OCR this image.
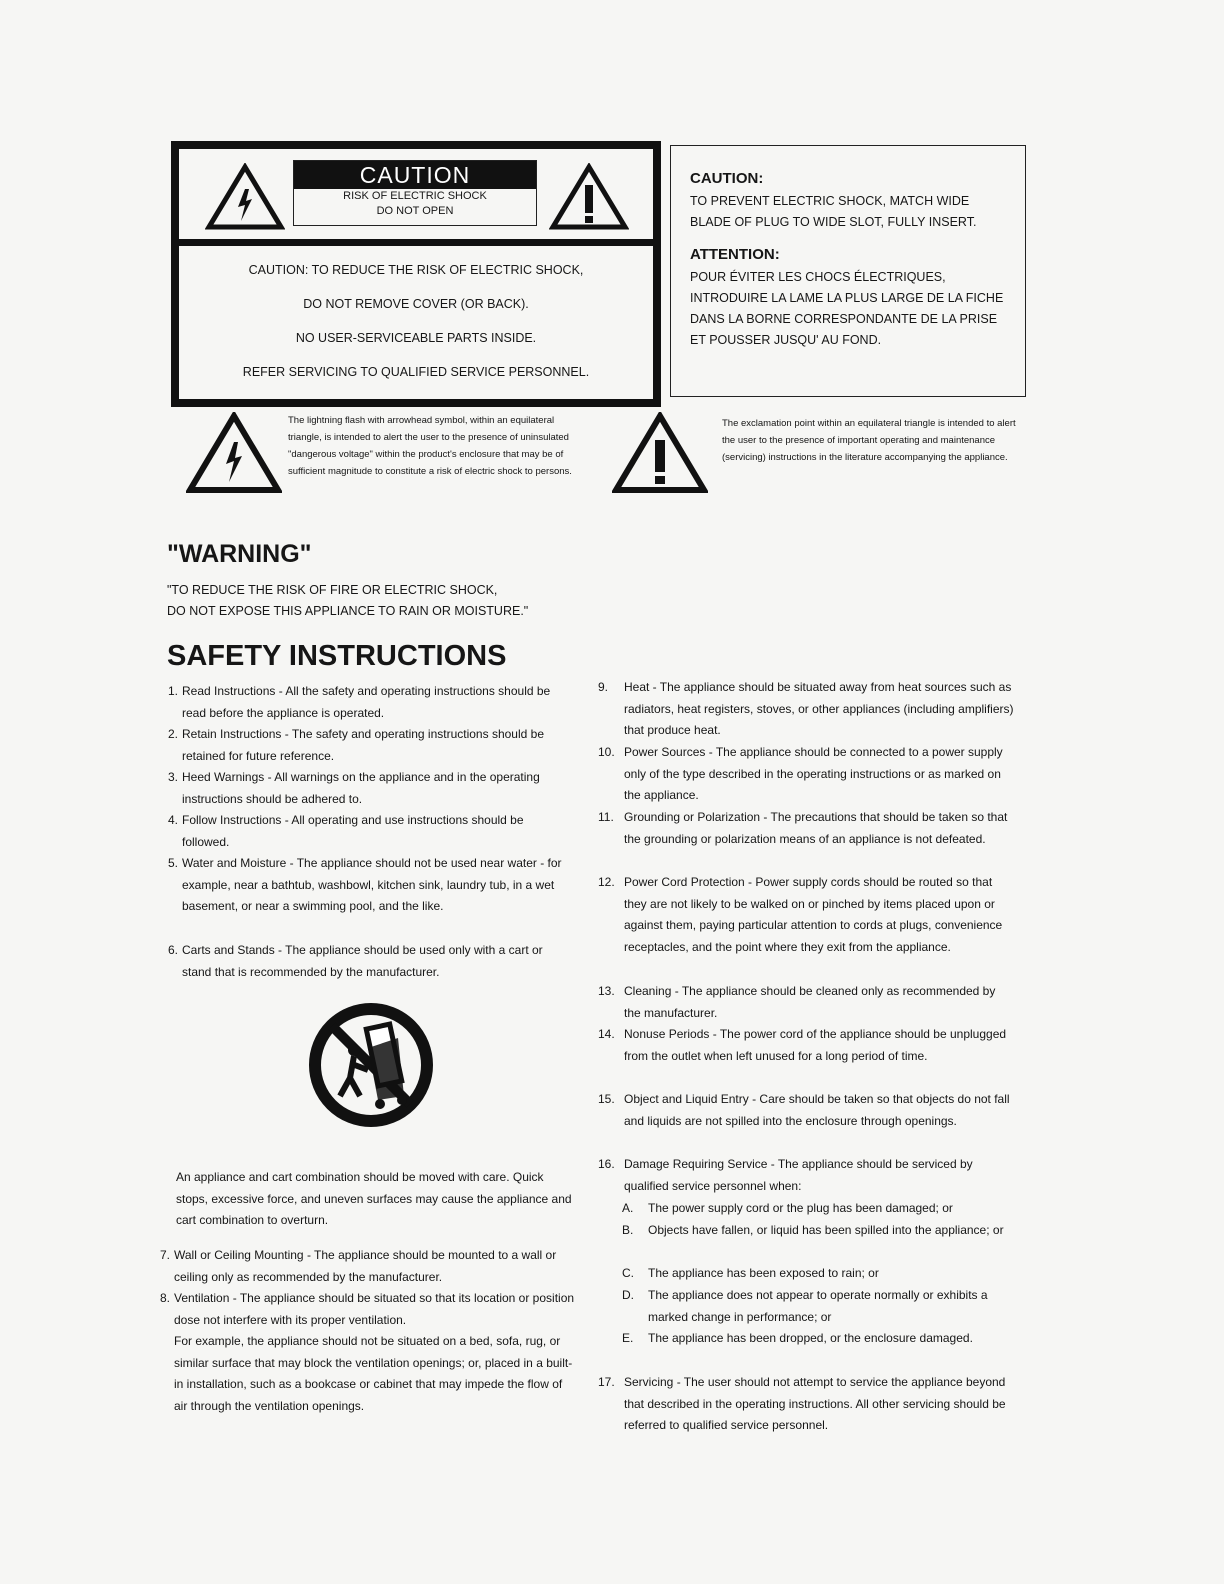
CAUTION
RISK OF ELECTRIC SHOCK
DO NOT OPEN
CAUTION: TO REDUCE THE RISK OF ELECTRIC SHOCK,
DO NOT REMOVE COVER (OR BACK).
NO USER-SERVICEABLE PARTS INSIDE.
REFER SERVICING TO QUALIFIED SERVICE PERSONNEL.
CAUTION:
TO PREVENT ELECTRIC SHOCK, MATCH WIDE BLADE OF PLUG TO WIDE SLOT, FULLY INSERT.
ATTENTION:
POUR ÉVITER LES CHOCS ÉLECTRIQUES, INTRODUIRE LA LAME LA PLUS LARGE DE LA FICHE DANS LA BORNE CORRESPONDANTE DE LA PRISE ET POUSSER JUSQU' AU FOND.
The lightning flash with arrowhead symbol, within an equilateral triangle, is intended to alert the user to the presence of uninsulated "dangerous voltage" within the product's enclosure that may be of sufficient magnitude to constitute a risk of electric shock to persons.
The exclamation point within an equilateral triangle is intended to alert the user to the presence of important operating and maintenance (servicing) instructions in the literature accompanying the appliance.
"WARNING"
"TO REDUCE THE RISK OF FIRE OR ELECTRIC SHOCK,
DO NOT EXPOSE THIS APPLIANCE TO RAIN OR MOISTURE."
SAFETY INSTRUCTIONS
1. Read Instructions - All the safety and operating instructions should be read before the appliance is operated.
2. Retain Instructions - The safety and operating instructions should be retained for future reference.
3. Heed Warnings - All warnings on the appliance and in the operating instructions should be adhered to.
4. Follow Instructions - All operating and use instructions should be followed.
5. Water and Moisture - The appliance should not be used near water - for example, near a bathtub, washbowl, kitchen sink, laundry tub, in a wet basement, or near a swimming pool, and the like.
6. Carts and Stands - The appliance should be used only with a cart or stand that is recommended by the manufacturer.
An appliance and cart combination should be moved with care. Quick stops, excessive force, and uneven surfaces may cause the appliance and cart combination to overturn.
7. Wall or Ceiling Mounting - The appliance should be mounted to a wall or ceiling only as recommended by the manufacturer.
8. Ventilation - The appliance should be situated so that its location or position dose not interfere with its proper ventilation.
For example, the appliance should not be situated on a bed, sofa, rug, or similar surface that may block the ventilation openings; or, placed in a built-in installation, such as a bookcase or cabinet that may impede the flow of air through the ventilation openings.
9. Heat - The appliance should be situated away from heat sources such as radiators, heat registers, stoves, or other appliances (including amplifiers) that produce heat.
10. Power Sources - The appliance should be connected to a power supply only of the type described in the operating instructions or as marked on the appliance.
11. Grounding or Polarization - The precautions that should be taken so that the grounding or polarization means of an appliance is not defeated.
12. Power Cord Protection - Power supply cords should be routed so that they are not likely to be walked on or pinched by items placed upon or against them, paying particular attention to cords at plugs, convenience receptacles, and the point where they exit from the appliance.
13. Cleaning - The appliance should be cleaned only as recommended by the manufacturer.
14. Nonuse Periods - The power cord of the appliance should be unplugged from the outlet when left unused for a long period of time.
15. Object and Liquid Entry - Care should be taken so that objects do not fall and liquids are not spilled into the enclosure through openings.
16. Damage Requiring Service - The appliance should be serviced by qualified service personnel when:
A. The power supply cord or the plug has been damaged; or
B. Objects have fallen, or liquid has been spilled into the appliance; or
C. The appliance has been exposed to rain; or
D. The appliance does not appear to operate normally or exhibits a marked change in performance; or
E. The appliance has been dropped, or the enclosure damaged.
17. Servicing - The user should not attempt to service the appliance beyond that described in the operating instructions. All other servicing should be referred to qualified service personnel.
